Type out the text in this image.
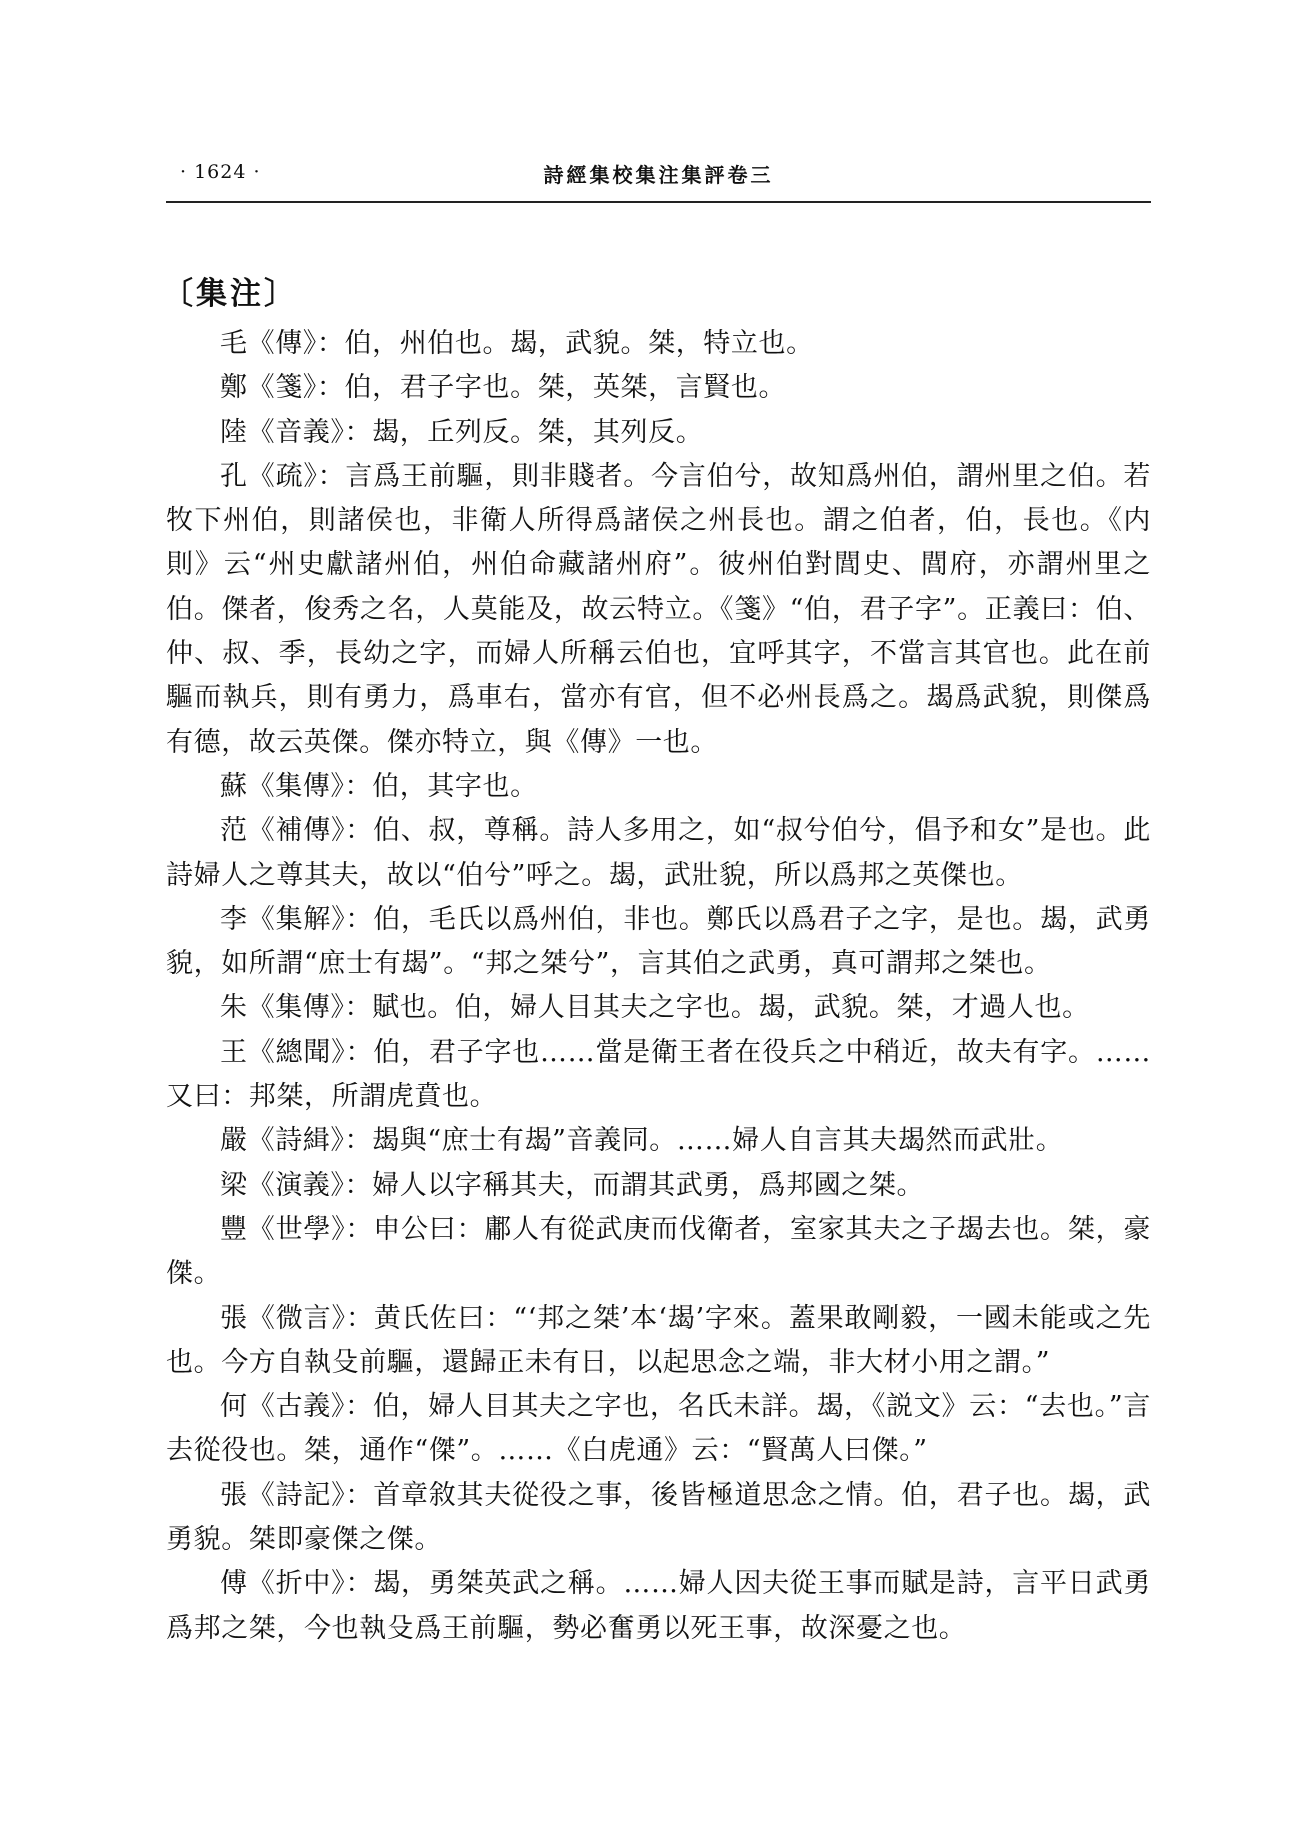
· 1624 ·	詩經集校集注集評卷三
〔集注〕

毛《傳》：伯，州伯也。朅，武貌。桀，特立也。

鄭《箋》：伯，君子字也。桀，英桀，言賢也。

陸《音義》：朅，丘列反。桀，其列反。

孔《疏》：言爲王前驅，則非賤者。今言伯兮，故知爲州伯，謂州里之伯。若牧下州伯，則諸侯也，非衛人所得爲諸侯之州長也。謂之伯者，伯，長也。《内則》云“州史獻諸州伯，州伯命藏諸州府”。彼州伯對閭史、閭府，亦謂州里之伯。傑者，俊秀之名，人莫能及，故云特立。《箋》“伯，君子字”。正義曰：伯、仲、叔、季，長幼之字，而婦人所稱云伯也，宜呼其字，不當言其官也。此在前驅而執兵，則有勇力，爲車右，當亦有官，但不必州長爲之。朅爲武貌，則傑爲有德，故云英傑。傑亦特立，與《傳》一也。

蘇《集傳》：伯，其字也。

范《補傳》：伯、叔，尊稱。詩人多用之，如“叔兮伯兮，倡予和女”是也。此詩婦人之尊其夫，故以“伯兮”呼之。朅，武壯貌，所以爲邦之英傑也。

李《集解》：伯，毛氏以爲州伯，非也。鄭氏以爲君子之字，是也。朅，武勇貌，如所謂“庶士有朅”。“邦之桀兮”，言其伯之武勇，真可謂邦之桀也。

朱《集傳》：賦也。伯，婦人目其夫之字也。朅，武貌。桀，才過人也。

王《總聞》：伯，君子字也……當是衛王者在役兵之中稍近，故夫有字。……又曰：邦桀，所謂虎賁也。

嚴《詩緝》：朅與“庶士有朅”音義同。……婦人自言其夫朅然而武壯。

梁《演義》：婦人以字稱其夫，而謂其武勇，爲邦國之桀。

豐《世學》：申公曰：鄘人有從武庚而伐衛者，室家其夫之子朅去也。桀，豪傑。

張《微言》：黄氏佐曰：“‘邦之桀’本‘朅’字來。蓋果敢剛毅，一國未能或之先也。今方自執殳前驅，還歸正未有日，以起思念之端，非大材小用之謂。”

何《古義》：伯，婦人目其夫之字也，名氏未詳。朅，《説文》云：“去也。”言去從役也。桀，通作“傑”。……《白虎通》云：“賢萬人曰傑。”

張《詩記》：首章敘其夫從役之事，後皆極道思念之情。伯，君子也。朅，武勇貌。桀即豪傑之傑。

傅《折中》：朅，勇桀英武之稱。……婦人因夫從王事而賦是詩，言平日武勇爲邦之桀，今也執殳爲王前驅，勢必奮勇以死王事，故深憂之也。
